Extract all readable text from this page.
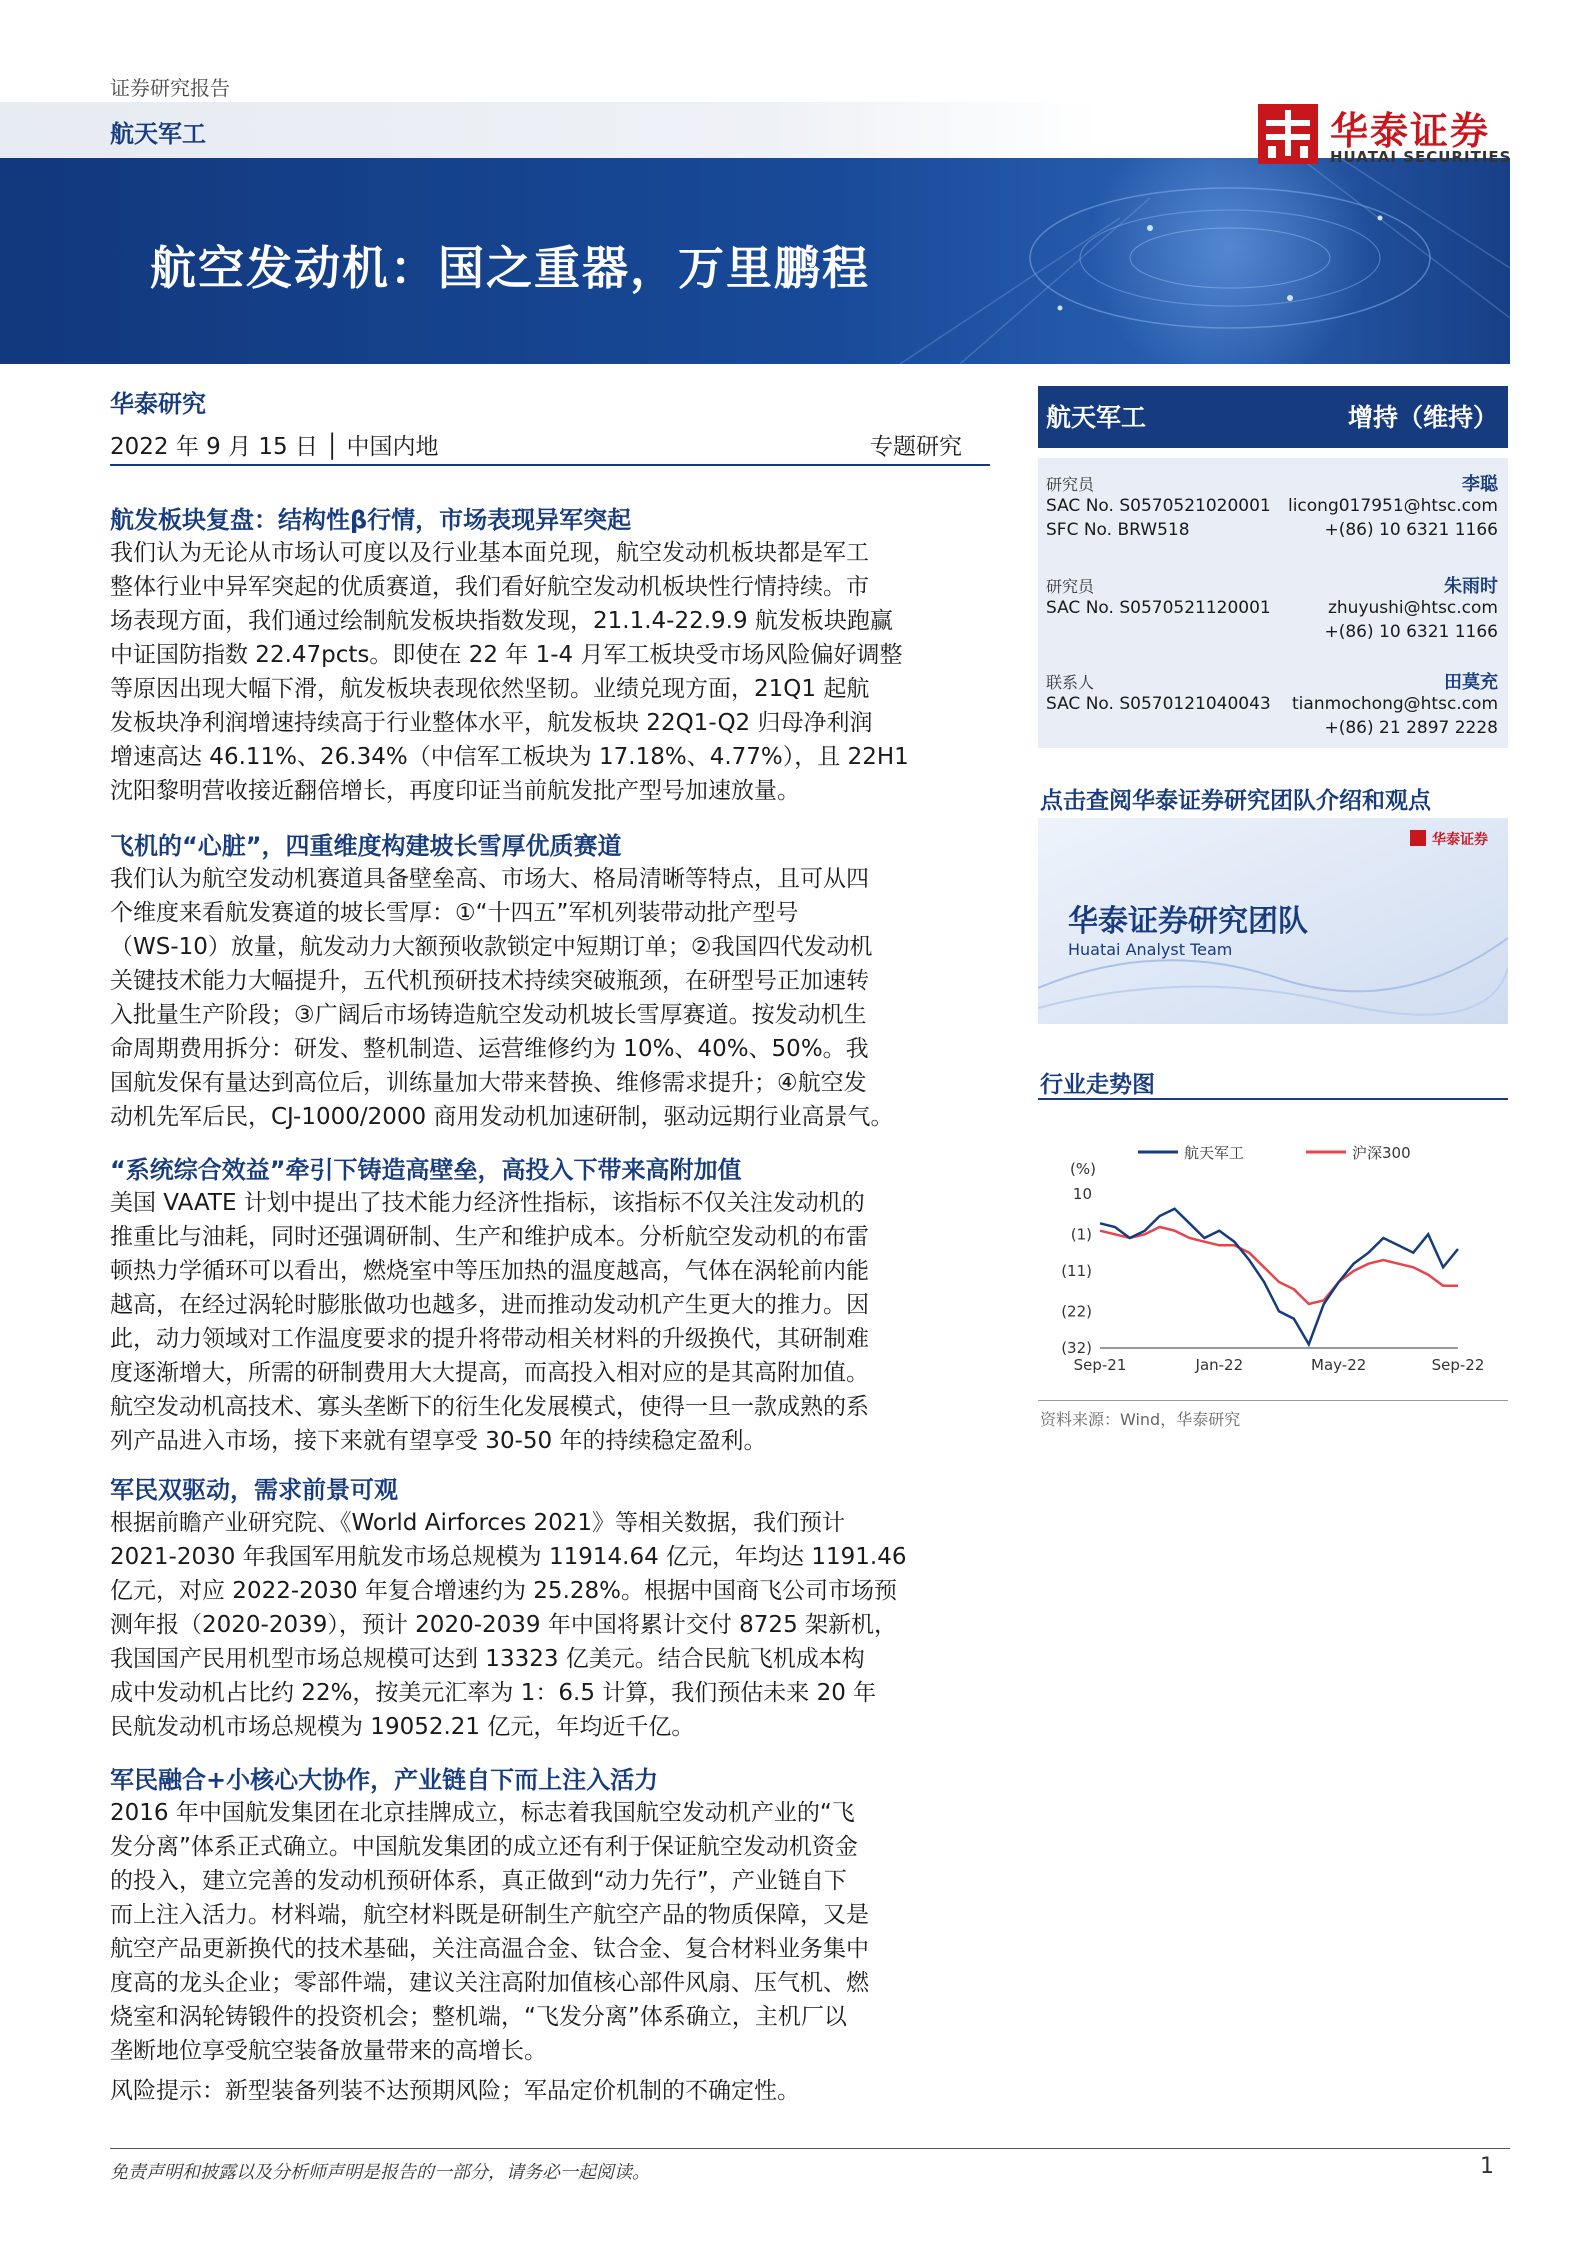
证券研究报告
航天军工
航空发动机：国之重器，万里鹏程
华泰证券
HUATAI SECURITIES
华泰研究
2022 年 9 月 15 日 │ 中国内地	专题研究
航发板块复盘：结构性β行情，市场表现异军突起
我们认为无论从市场认可度以及行业基本面兑现，航空发动机板块都是军工
整体行业中异军突起的优质赛道，我们看好航空发动机板块性行情持续。市
场表现方面，我们通过绘制航发板块指数发现，21.1.4-22.9.9 航发板块跑赢
中证国防指数 22.47pcts。即使在 22 年 1-4 月军工板块受市场风险偏好调整
等原因出现大幅下滑，航发板块表现依然坚韧。业绩兑现方面，21Q1 起航
发板块净利润增速持续高于行业整体水平，航发板块 22Q1-Q2 归母净利润
增速高达 46.11%、26.34%（中信军工板块为 17.18%、4.77%），且 22H1
沈阳黎明营收接近翻倍增长，再度印证当前航发批产型号加速放量。
飞机的“心脏”，四重维度构建坡长雪厚优质赛道
我们认为航空发动机赛道具备壁垒高、市场大、格局清晰等特点，且可从四
个维度来看航发赛道的坡长雪厚：①“十四五”军机列装带动批产型号
（WS-10）放量，航发动力大额预收款锁定中短期订单；②我国四代发动机
关键技术能力大幅提升，五代机预研技术持续突破瓶颈，在研型号正加速转
入批量生产阶段；③广阔后市场铸造航空发动机坡长雪厚赛道。按发动机生
命周期费用拆分：研发、整机制造、运营维修约为 10%、40%、50%。我
国航发保有量达到高位后，训练量加大带来替换、维修需求提升；④航空发
动机先军后民，CJ-1000/2000 商用发动机加速研制，驱动远期行业高景气。
“系统综合效益”牵引下铸造高壁垒，高投入下带来高附加值
美国 VAATE 计划中提出了技术能力经济性指标，该指标不仅关注发动机的
推重比与油耗，同时还强调研制、生产和维护成本。分析航空发动机的布雷
顿热力学循环可以看出，燃烧室中等压加热的温度越高，气体在涡轮前内能
越高，在经过涡轮时膨胀做功也越多，进而推动发动机产生更大的推力。因
此，动力领域对工作温度要求的提升将带动相关材料的升级换代，其研制难
度逐渐增大，所需的研制费用大大提高，而高投入相对应的是其高附加值。
航空发动机高技术、寡头垄断下的衍生化发展模式，使得一旦一款成熟的系
列产品进入市场，接下来就有望享受 30-50 年的持续稳定盈利。
军民双驱动，需求前景可观
根据前瞻产业研究院、《World Airforces 2021》等相关数据，我们预计
2021-2030 年我国军用航发市场总规模为 11914.64 亿元，年均达 1191.46
亿元，对应 2022-2030 年复合增速约为 25.28%。根据中国商飞公司市场预
测年报（2020-2039），预计 2020-2039 年中国将累计交付 8725 架新机，
我国国产民用机型市场总规模可达到 13323 亿美元。结合民航飞机成本构
成中发动机占比约 22%，按美元汇率为 1：6.5 计算，我们预估未来 20 年
民航发动机市场总规模为 19052.21 亿元，年均近千亿。
军民融合+小核心大协作，产业链自下而上注入活力
2016 年中国航发集团在北京挂牌成立，标志着我国航空发动机产业的“飞
发分离”体系正式确立。中国航发集团的成立还有利于保证航空发动机资金
的投入，建立完善的发动机预研体系，真正做到“动力先行”，产业链自下
而上注入活力。材料端，航空材料既是研制生产航空产品的物质保障，又是
航空产品更新换代的技术基础，关注高温合金、钛合金、复合材料业务集中
度高的龙头企业；零部件端，建议关注高附加值核心部件风扇、压气机、燃
烧室和涡轮铸锻件的投资机会；整机端，“飞发分离”体系确立，主机厂以
垄断地位享受航空装备放量带来的高增长。
风险提示：新型装备列装不达预期风险；军品定价机制的不确定性。
航天军工	增持（维持）
研究员	李聪
SAC No. S0570521020001	licong017951@htsc.com
SFC No. BRW518	+(86) 10 6321 1166
研究员	朱雨时
SAC No. S0570521120001	zhuyushi@htsc.com
+(86) 10 6321 1166
联系人	田莫充
SAC No. S0570121040043	tianmochong@htsc.com
+(86) 21 2897 2228
点击查阅华泰证券研究团队介绍和观点
华泰证券
华泰证券研究团队
Huatai Analyst Team
行业走势图
(%)
10
(1)
(11)
(22)
(32)
Sep-21	Jan-22	May-22	Sep-22
航天军工	沪深300
资料来源：Wind，华泰研究
免责声明和披露以及分析师声明是报告的一部分，请务必一起阅读。	1
